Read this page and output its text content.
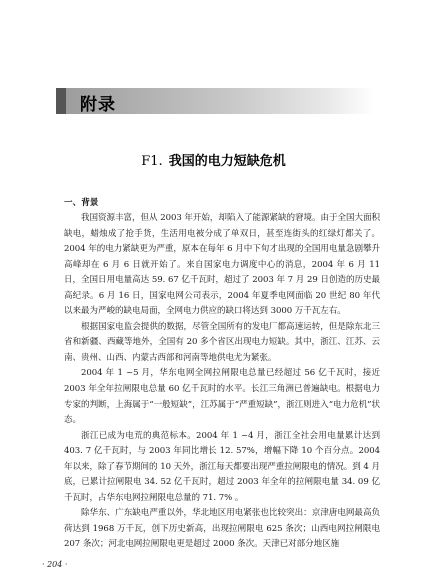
附录
F1. 我国的电力短缺危机
一、背景

我国资源丰富，但从 2003 年开始，却陷入了能源紧缺的窘境。由于全国大面积缺电，蜡烛成了抢手货，生活用电被分成了单双日，甚至连街头的红绿灯都关了。2004 年的电力紧缺更为严重，原本在每年 6 月中下旬才出现的全国用电量急剧攀升高峰却在 6 月 6 日就开始了。来自国家电力调度中心的消息，2004 年 6 月 11 日，全国日用电量高达 59. 67 亿千瓦时，超过了 2003 年 7 月 29 日创造的历史最高纪录。6 月 16 日，国家电网公司表示，2004 年夏季电网面临 20 世纪 80 年代以来最为严峻的缺电局面，全网电力供应的缺口将达到 3000 万千瓦左右。

根据国家电监会提供的数据，尽管全国所有的发电厂都高速运转，但是除东北三省和新疆、西藏等地外，全国有 20 多个省区出现电力短缺。其中，浙江、江苏、云南、贵州、山西、内蒙古西部和河南等地供电尤为紧张。

2004 年 1 ~5 月，华东电网全网拉闸限电总量已经超过 56 亿千瓦时，接近 2003 年全年拉闸限电总量 60 亿千瓦时的水平。长江三角洲已普遍缺电。根据电力专家的判断，上海属于“一般短缺”，江苏属于“严重短缺”，浙江则进入“电力危机”状态。

浙江已成为电荒的典范标本。2004 年 1 ~4 月，浙江全社会用电量累计达到 403. 7 亿千瓦时，与 2003 年同比增长 12. 57%，增幅下降 10 个百分点。2004 年以来，除了春节期间的 10 天外，浙江每天都要出现严重拉闸限电的情况。到 4 月底，已累计拉闸限电 34. 52 亿千瓦时，超过 2003 年全年的拉闸限电量 34. 09 亿千瓦时，占华东电网拉闸限电总量的 71. 7% 。

除华东、广东缺电严重以外，华北地区用电紧张也比较突出：京津唐电网最高负荷达到 1968 万千瓦，创下历史新高，出现拉闸限电 625 条次；山西电网拉闸限电 207 条次；河北电网拉闸限电更是超过 2000 条次。天津已对部分地区施

· 204 ·
